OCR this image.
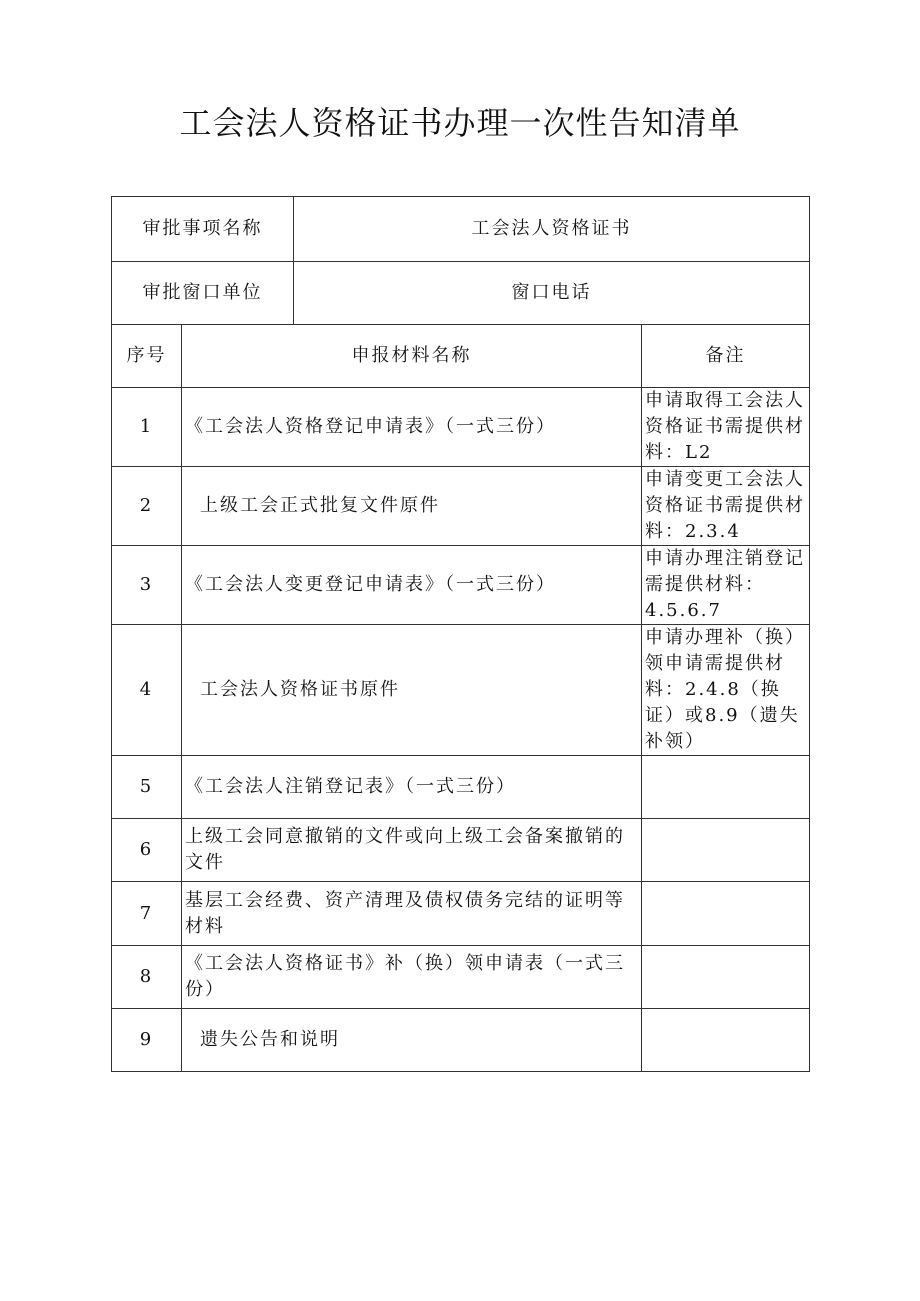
工会法人资格证书办理一次性告知清单
审批事项名称		工会法人资格证书	
审批窗口单位		窗口电话	
序号	申报材料名称		备注
1	《工会法人资格登记申请表》（一式三份）		申请取得工会法人资格证书需提供材料：L2
2	上级工会正式批复文件原件		申请变更工会法人资格证书需提供材料：2.3.4
3	《工会法人变更登记申请表》（一式三份）		申请办理注销登记需提供材料：4.5.6.7
4	工会法人资格证书原件		申请办理补（换）领申请需提供材料：2.4.8（换证）或8.9（遗失补领）
5	《工会法人注销登记表》（一式三份）		
6	上级工会同意撤销的文件或向上级工会备案撤销的文件		
7	基层工会经费、资产清理及债权债务完结的证明等材料		
8	《工会法人资格证书》补（换）领申请表（一式三份）		
9	遗失公告和说明		
